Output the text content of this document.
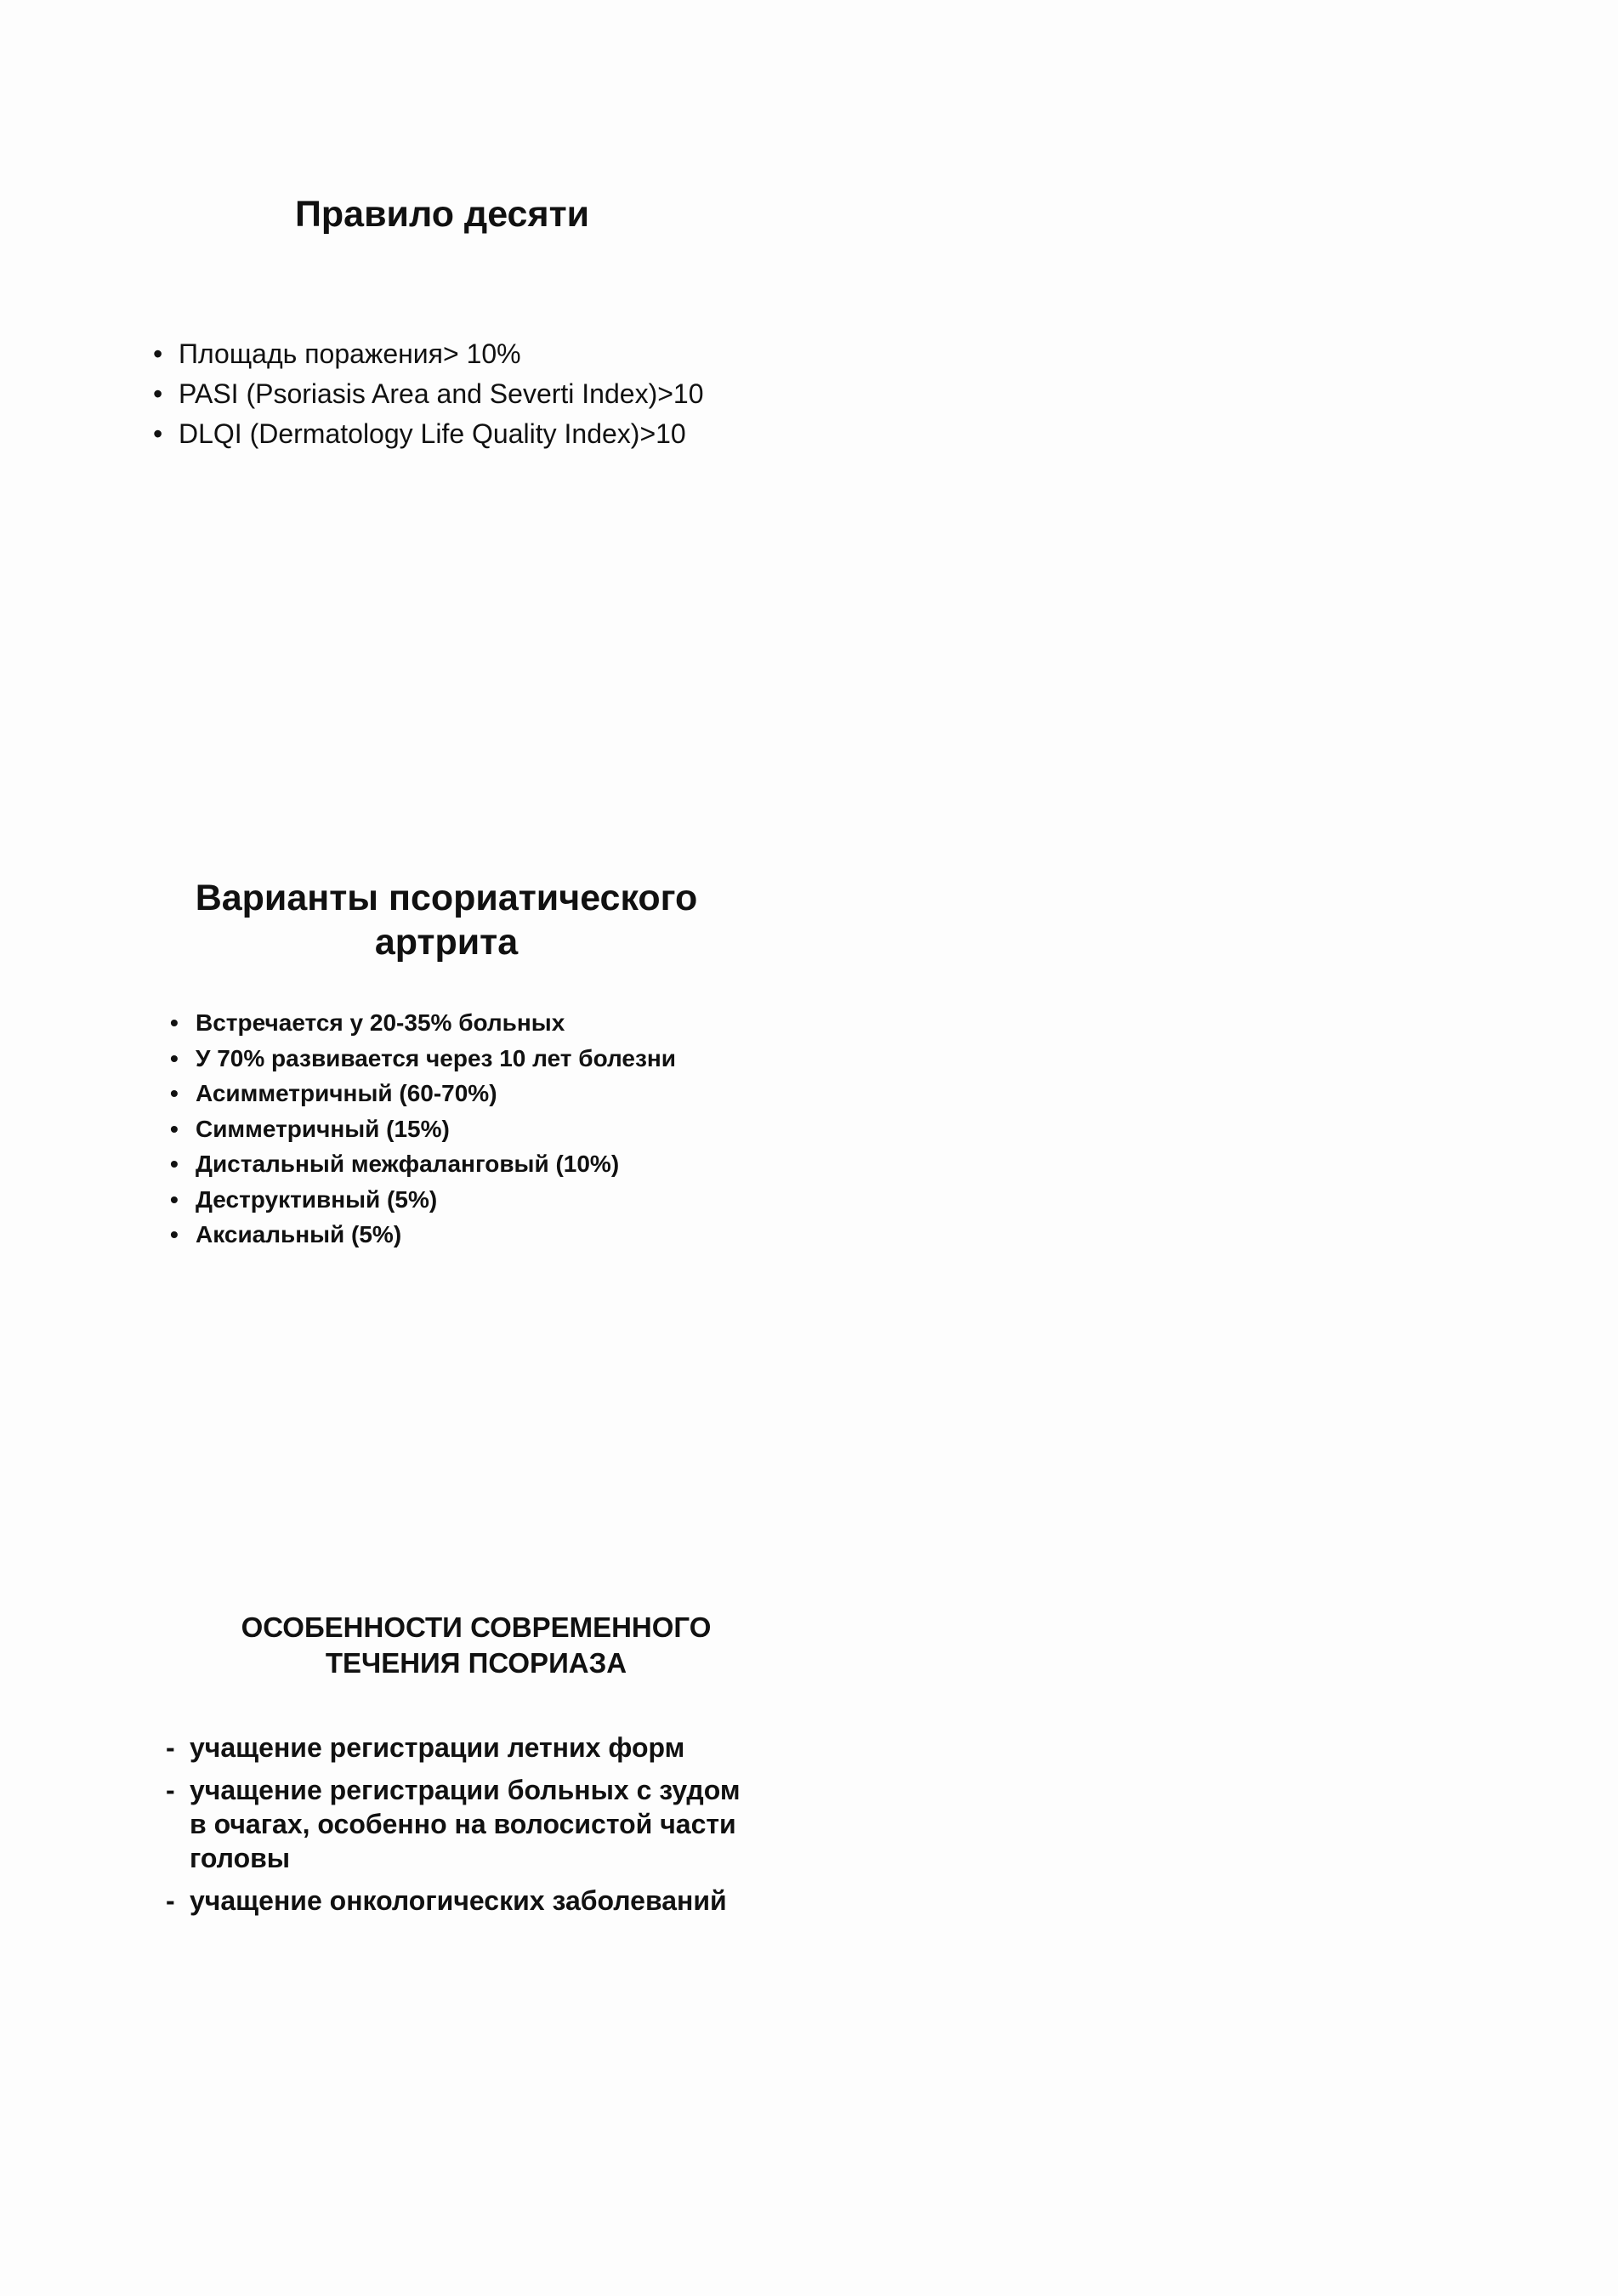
Правило десяти
• Площадь поражения> 10%
• PASI (Psoriasis Area and Severti Index)>10
• DLQI (Dermatology Life Quality Index)>10
Варианты псориатического
артрита
• Встречается у 20-35% больных
• У 70% развивается через 10 лет болезни
• Асимметричный (60-70%)
• Симметричный (15%)
• Дистальный межфаланговый (10%)
• Деструктивный (5%)
• Аксиальный (5%)
ОСОБЕННОСТИ СОВРЕМЕННОГО
ТЕЧЕНИЯ ПСОРИАЗА
- учащение регистрации летних форм
- учащение регистрации больных с зудом в очагах, особенно на волосистой части головы
- учащение онкологических заболеваний
